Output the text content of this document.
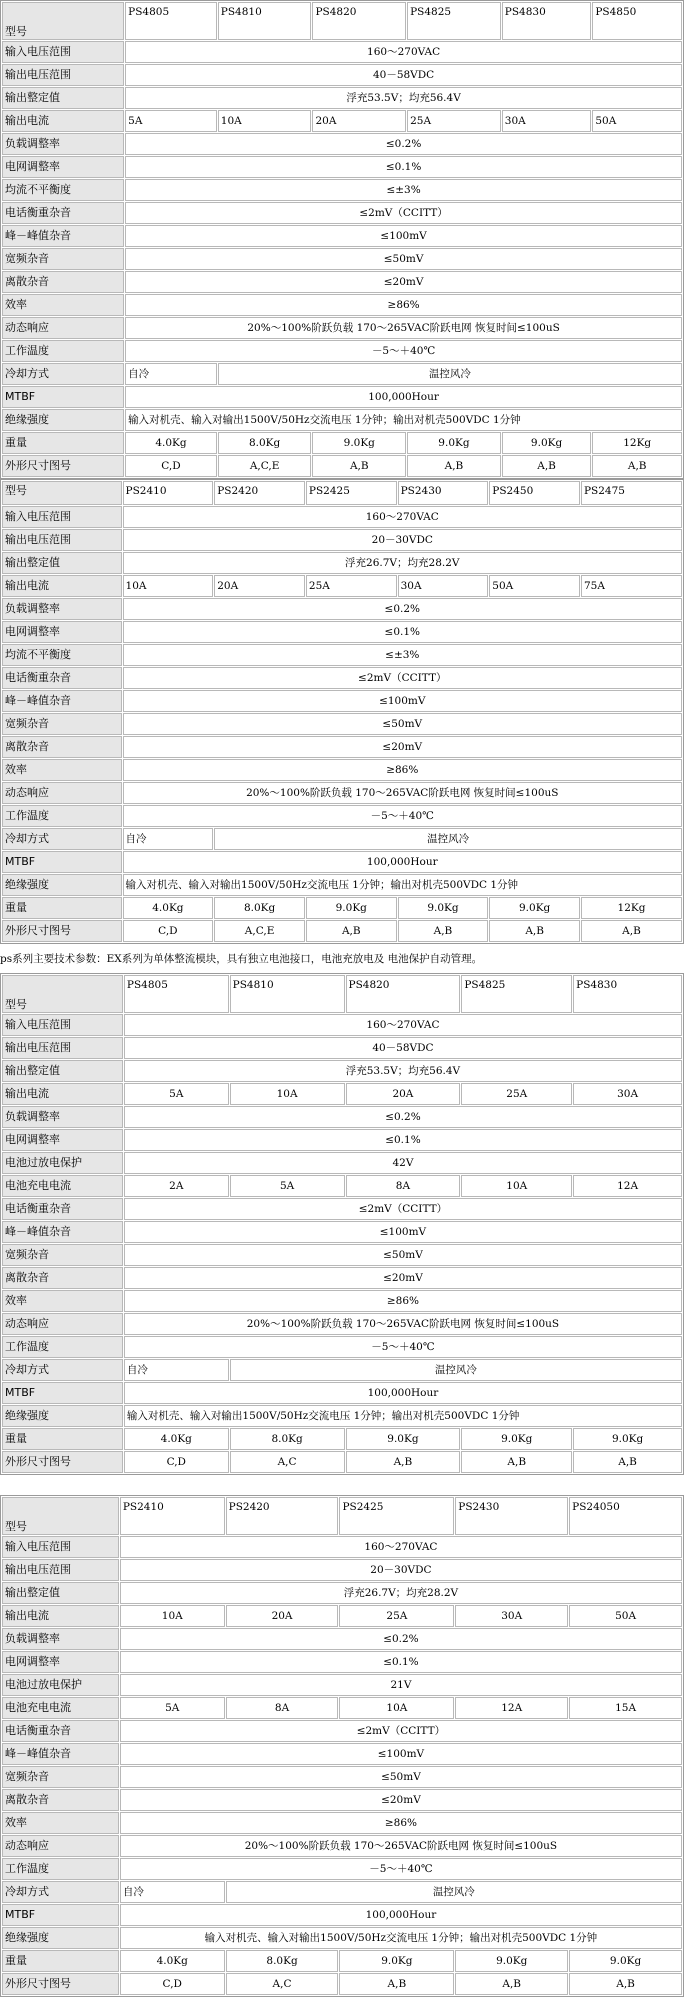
型号	PS4805	PS4810	PS4820	PS4825	PS4830	PS4850
输入电压范围	160～270VAC					
输出电压范围	40－58VDC					
输出整定值	浮充53.5V；均充56.4V					
输出电流	5A	10A	20A	25A	30A	50A
负载调整率	≤0.2%					
电网调整率	≤0.1%					
均流不平衡度	≤±3%					
电话衡重杂音	≤2mV（CCITT）					
峰－峰值杂音	≤100mV					
宽频杂音	≤50mV					
离散杂音	≤20mV					
效率	≥86%					
动态响应	20%～100%阶跃负载 170～265VAC阶跃电网 恢复时间≤100uS					
工作温度	－5～＋40℃					
冷却方式	自冷	温控风冷				
MTBF	100,000Hour					
绝缘强度	输入对机壳、输入对输出1500V/50Hz交流电压 1分钟；输出对机壳500VDC 1分钟					
重量	4.0Kg	8.0Kg	9.0Kg	9.0Kg	9.0Kg	12Kg
外形尺寸图号	C,D	A,C,E	A,B	A,B	A,B	A,B
型号	PS2410	PS2420	PS2425	PS2430	PS2450	PS2475
输入电压范围	160～270VAC					
输出电压范围	20－30VDC					
输出整定值	浮充26.7V；均充28.2V					
输出电流	10A	20A	25A	30A	50A	75A
负载调整率	≤0.2%					
电网调整率	≤0.1%					
均流不平衡度	≤±3%					
电话衡重杂音	≤2mV（CCITT）					
峰－峰值杂音	≤100mV					
宽频杂音	≤50mV					
离散杂音	≤20mV					
效率	≥86%					
动态响应	20%～100%阶跃负载 170～265VAC阶跃电网 恢复时间≤100uS					
工作温度	－5～＋40℃					
冷却方式	自冷	温控风冷				
MTBF	100,000Hour					
绝缘强度	输入对机壳、输入对输出1500V/50Hz交流电压 1分钟；输出对机壳500VDC 1分钟					
重量	4.0Kg	8.0Kg	9.0Kg	9.0Kg	9.0Kg	12Kg
外形尺寸图号	C,D	A,C,E	A,B	A,B	A,B	A,B
ps系列主要技术参数：EX系列为单体整流模块，具有独立电池接口，电池充放电及 电池保护自动管理。
型号	PS4805	PS4810	PS4820	PS4825	PS4830
输入电压范围	160～270VAC				
输出电压范围	40－58VDC				
输出整定值	浮充53.5V；均充56.4V				
输出电流	5A	10A	20A	25A	30A
负载调整率	≤0.2%				
电网调整率	≤0.1%				
电池过放电保护	42V				
电池充电电流	2A	5A	8A	10A	12A
电话衡重杂音	≤2mV（CCITT）				
峰－峰值杂音	≤100mV				
宽频杂音	≤50mV				
离散杂音	≤20mV				
效率	≥86%				
动态响应	20%～100%阶跃负载 170～265VAC阶跃电网 恢复时间≤100uS				
工作温度	－5～＋40℃				
冷却方式	自冷	温控风冷			
MTBF	100,000Hour				
绝缘强度	输入对机壳、输入对输出1500V/50Hz交流电压 1分钟；输出对机壳500VDC 1分钟				
重量	4.0Kg	8.0Kg	9.0Kg	9.0Kg	9.0Kg
外形尺寸图号	C,D	A,C	A,B	A,B	A,B
型号	PS2410	PS2420	PS2425	PS2430	PS24050
输入电压范围	160～270VAC				
输出电压范围	20－30VDC				
输出整定值	浮充26.7V；均充28.2V				
输出电流	10A	20A	25A	30A	50A
负载调整率	≤0.2%				
电网调整率	≤0.1%				
电池过放电保护	21V				
电池充电电流	5A	8A	10A	12A	15A
电话衡重杂音	≤2mV（CCITT）				
峰－峰值杂音	≤100mV				
宽频杂音	≤50mV				
离散杂音	≤20mV				
效率	≥86%				
动态响应	20%～100%阶跃负载 170～265VAC阶跃电网 恢复时间≤100uS				
工作温度	－5～＋40℃				
冷却方式	自冷	温控风冷			
MTBF	100,000Hour				
绝缘强度	输入对机壳、输入对输出1500V/50Hz交流电压 1分钟；输出对机壳500VDC 1分钟				
重量	4.0Kg	8.0Kg	9.0Kg	9.0Kg	9.0Kg
外形尺寸图号	C,D	A,C	A,B	A,B	A,B
